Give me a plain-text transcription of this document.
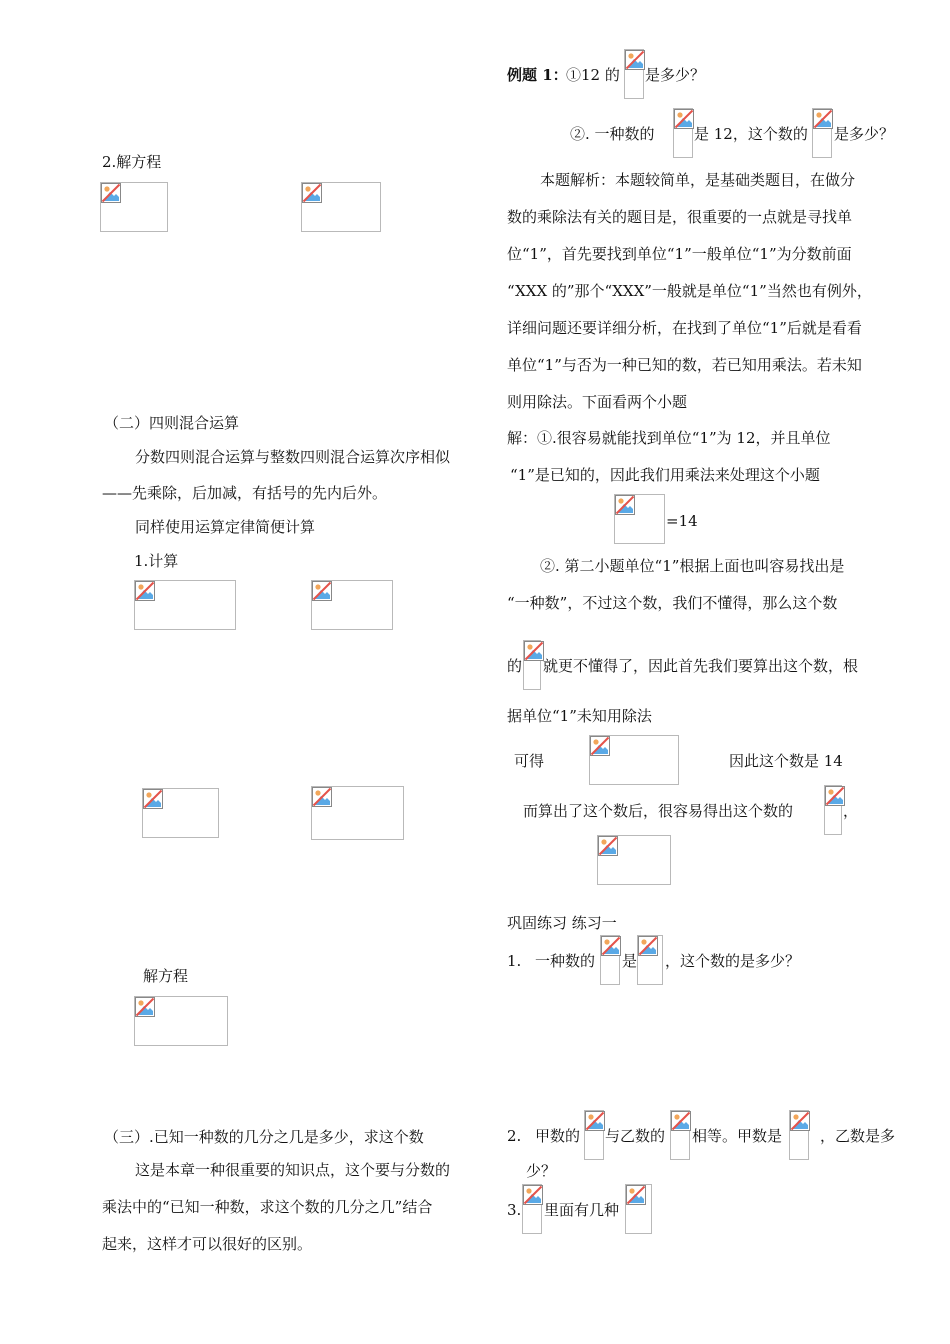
2.解方程
（二）四则混合运算
分数四则混合运算与整数四则混合运算次序相似
——先乘除，后加减，有括号的先内后外。
同样使用运算定律简便计算
1.计算
解方程
（三）.已知一种数的几分之几是多少，求这个数
这是本章一种很重要的知识点，这个要与分数的
乘法中的“已知一种数，求这个数的几分之几”结合
起来，这样才可以很好的区别。
例题 1：
①12 的 是多少？
②. 一种数的	是 12，这个数的 是多少？
本题解析：本题较简单，是基础类题目，在做分
数的乘除法有关的题目是，很重要的一点就是寻找单
位“1”，首先要找到单位“1”一般单位“1”为分数前面
“XXX 的”那个“XXX”一般就是单位“1”当然也有例外，
详细问题还要详细分析，在找到了单位“1”后就是看看
单位“1”与否为一种已知的数，若已知用乘法。若未知
则用除法。下面看两个小题
解：①.很容易就能找到单位“1”为 12，并且单位
“1”是已知的，因此我们用乘法来处理这个小题
=14
②. 第二小题单位“1”根据上面也叫容易找出是
“一种数”，不过这个数，我们不懂得，那么这个数
的 就更不懂得了，因此首先我们要算出这个数，根
据单位“1”未知用除法
可得	因此这个数是 14
而算出了这个数后，很容易得出这个数的	，
巩固练习 练习一
1. 一种数的 是 ，这个数的是多少？
2. 甲数的 与乙数的 相等。甲数是	，乙数是多
少？
3. 里面有几种
